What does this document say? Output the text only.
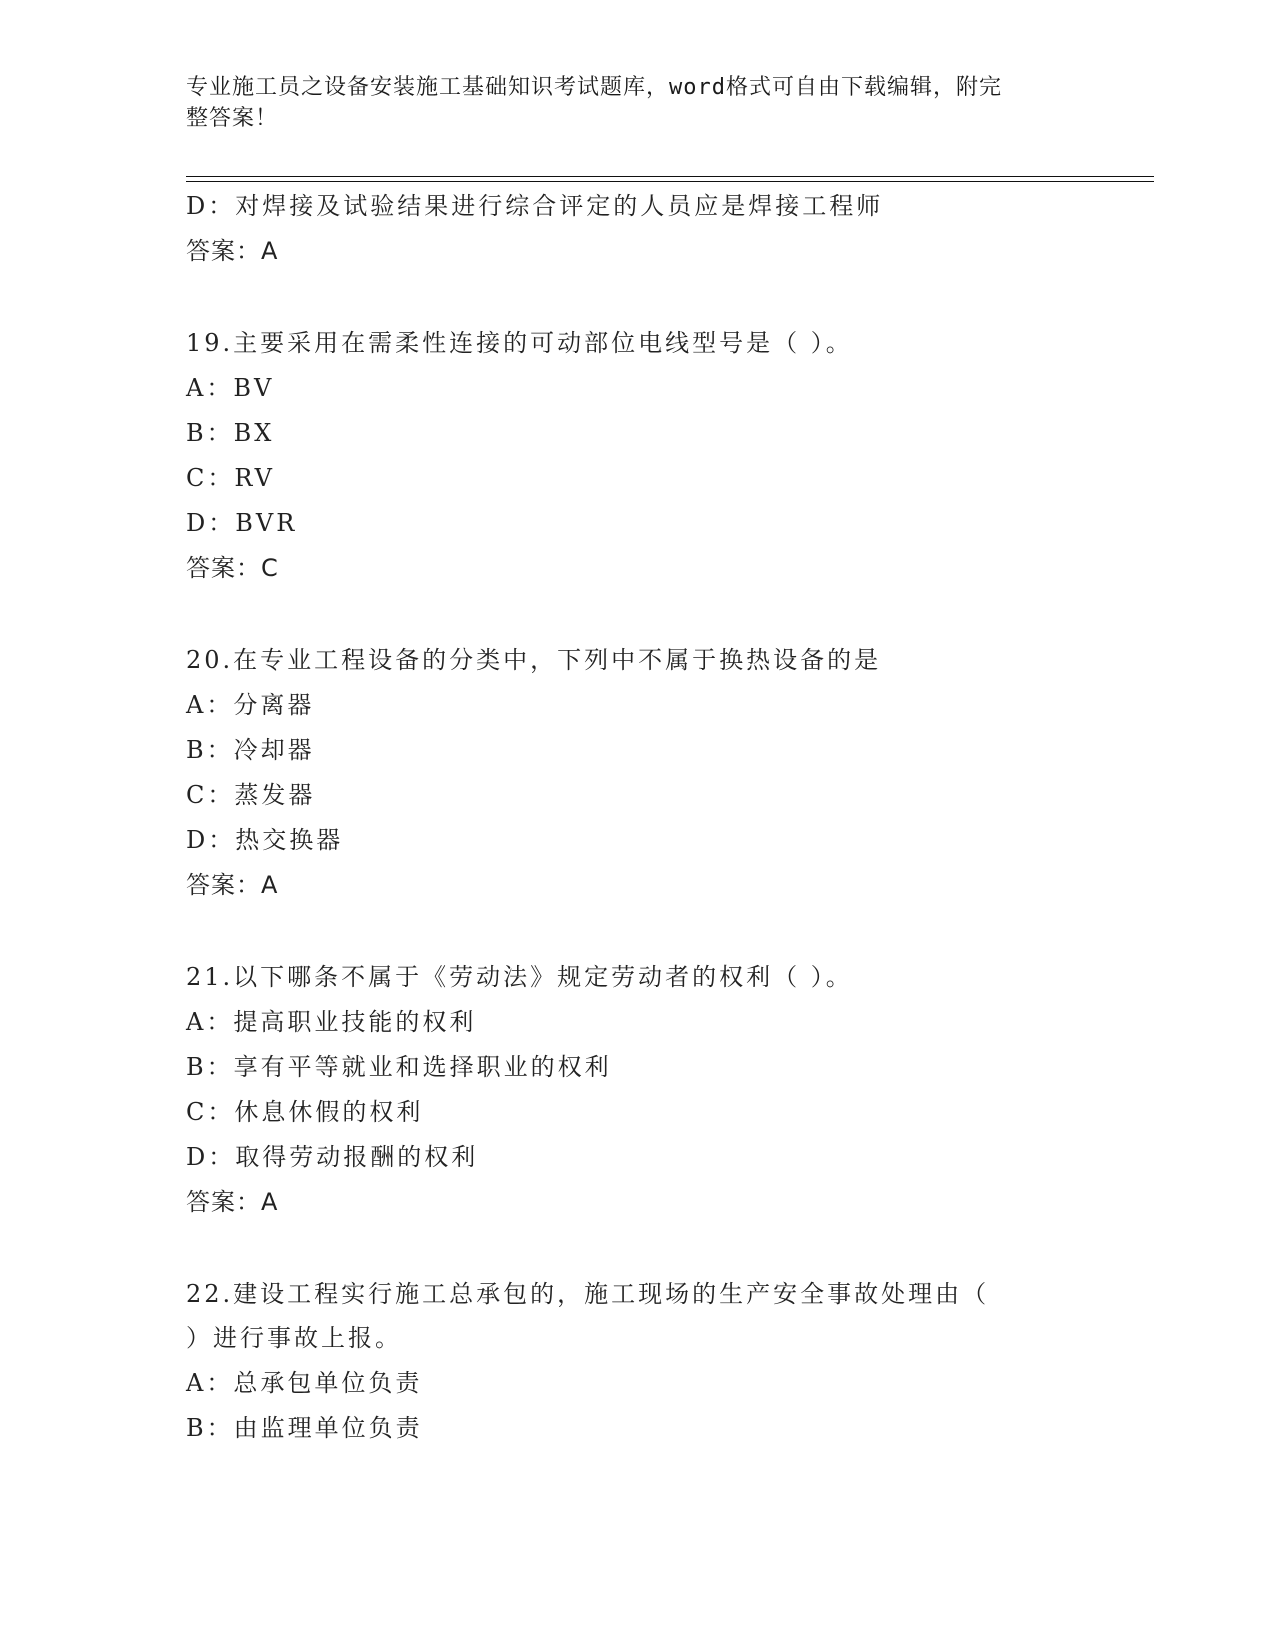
专业施工员之设备安装施工基础知识考试题库，word格式可自由下载编辑，附完
整答案！
D：对焊接及试验结果进行综合评定的人员应是焊接工程师
答案：A
19.主要采用在需柔性连接的可动部位电线型号是（ ）。
A：BV
B：BX
C：RV
D：BVR
答案：C
20.在专业工程设备的分类中，下列中不属于换热设备的是
A：分离器
B：冷却器
C：蒸发器
D：热交换器
答案：A
21.以下哪条不属于《劳动法》规定劳动者的权利（ ）。
A：提高职业技能的权利
B：享有平等就业和选择职业的权利
C：休息休假的权利
D：取得劳动报酬的权利
答案：A
22.建设工程实行施工总承包的，施工现场的生产安全事故处理由（
）进行事故上报。
A：总承包单位负责
B：由监理单位负责
